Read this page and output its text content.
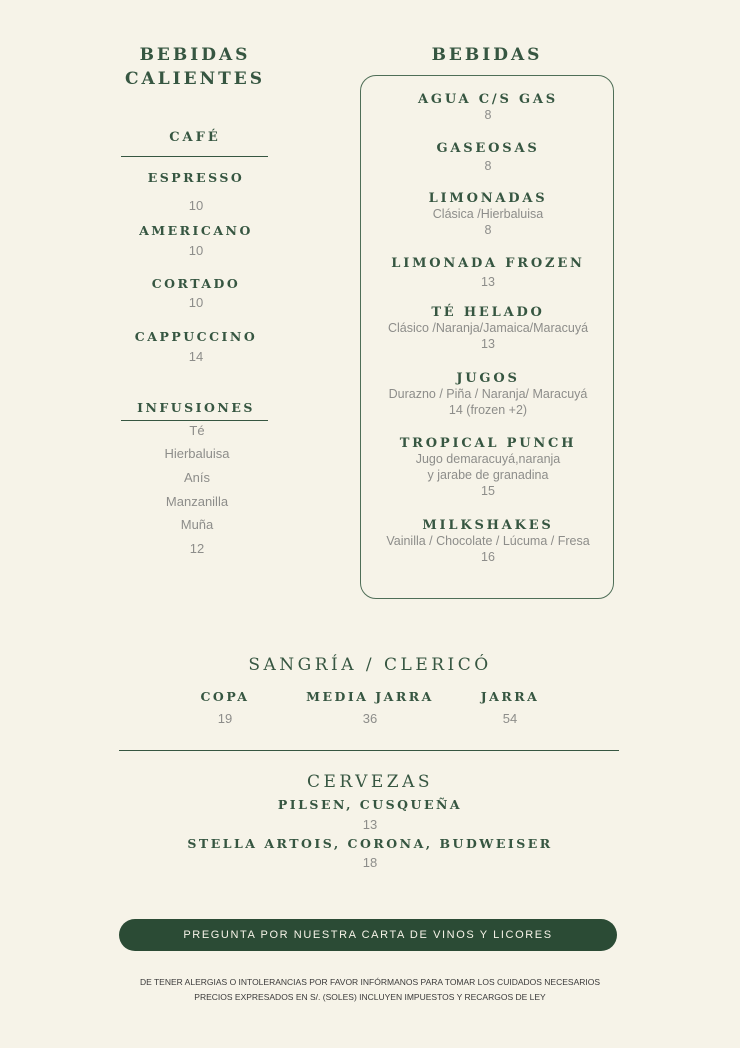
BEBIDAS
CALIENTES
CAFÉ
ESPRESSO
10
AMERICANO
10
CORTADO
10
CAPPUCCINO
14
INFUSIONES
Té
Hierbaluisa
Anís
Manzanilla
Muña
12
BEBIDAS
AGUA C/S GAS
8
GASEOSAS
8
LIMONADAS
Clásica /Hierbaluisa
8
LIMONADA FROZEN
13
TÉ HELADO
Clásico /Naranja/Jamaica/Maracuyá
13
JUGOS
Durazno / Piña / Naranja/ Maracuyá
14 (frozen +2)
TROPICAL PUNCH
Jugo demaracuyá,naranja
y jarabe de granadina
15
MILKSHAKES
Vainilla / Chocolate / Lúcuma / Fresa
16
SANGRÍA / CLERICÓ
COPA
19
MEDIA JARRA
36
JARRA
54
CERVEZAS
PILSEN, CUSQUEÑA
13
STELLA ARTOIS, CORONA, BUDWEISER
18
PREGUNTA POR NUESTRA CARTA DE VINOS Y LICORES
DE TENER ALERGIAS O INTOLERANCIAS POR FAVOR INFÓRMANOS PARA TOMAR LOS CUIDADOS NECESARIOS
PRECIOS EXPRESADOS EN S/. (SOLES) INCLUYEN IMPUESTOS Y RECARGOS DE LEY
